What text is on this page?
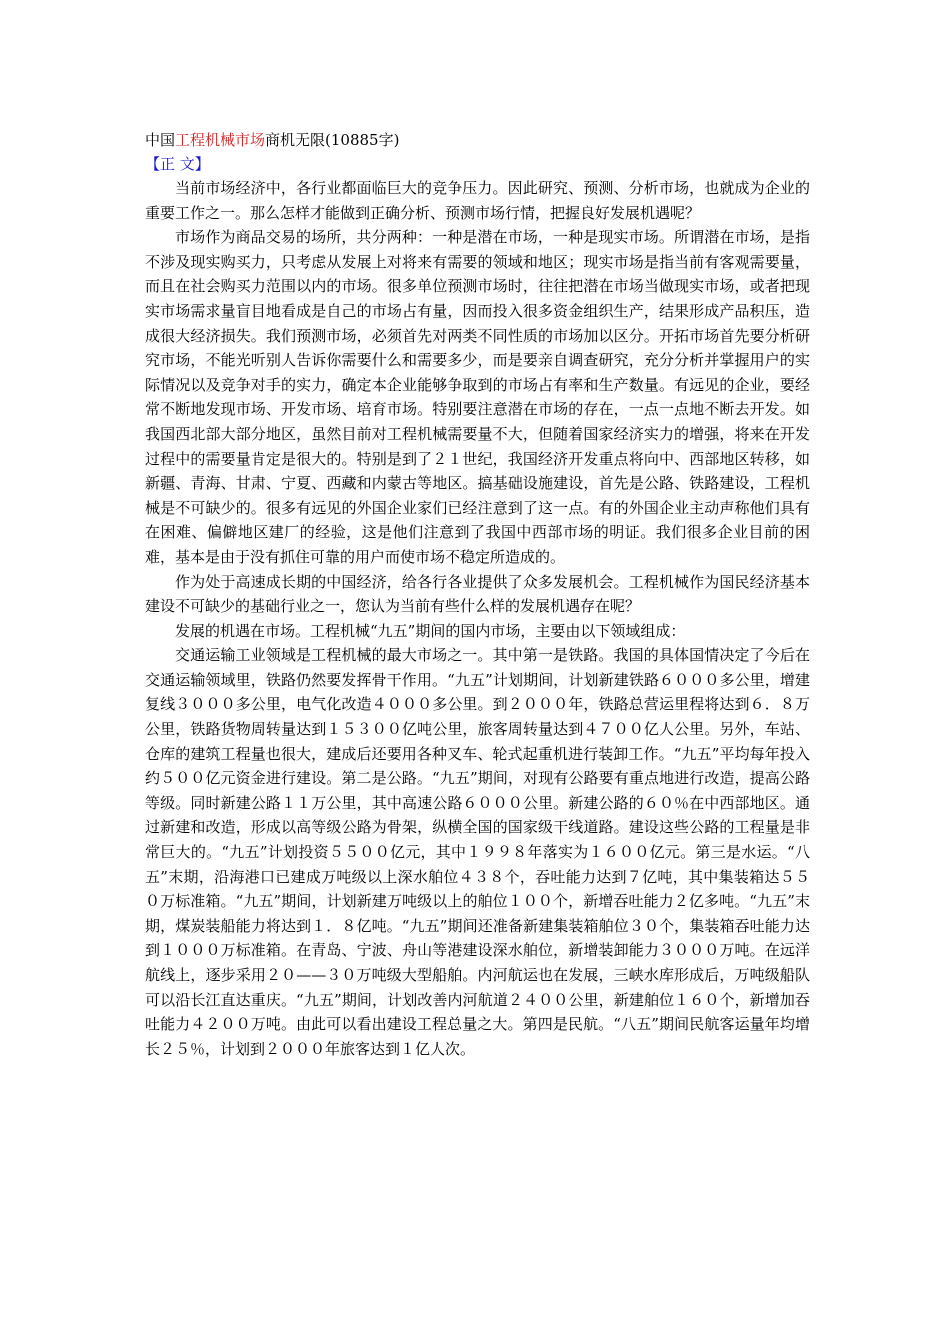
中国工程机械市场商机无限(10885字)

【正 文】

当前市场经济中，各行业都面临巨大的竞争压力。因此研究、预测、分析市场，也就成为企业的重要工作之一。那么怎样才能做到正确分析、预测市场行情，把握良好发展机遇呢？

市场作为商品交易的场所，共分两种：一种是潜在市场，一种是现实市场。所谓潜在市场，是指不涉及现实购买力，只考虑从发展上对将来有需要的领域和地区；现实市场是指当前有客观需要量，而且在社会购买力范围以内的市场。很多单位预测市场时，往往把潜在市场当做现实市场，或者把现实市场需求量盲目地看成是自己的市场占有量，因而投入很多资金组织生产，结果形成产品积压，造成很大经济损失。我们预测市场，必须首先对两类不同性质的市场加以区分。开拓市场首先要分析研究市场，不能光听别人告诉你需要什么和需要多少，而是要亲自调查研究，充分分析并掌握用户的实际情况以及竞争对手的实力，确定本企业能够争取到的市场占有率和生产数量。有远见的企业，要经常不断地发现市场、开发市场、培育市场。特别要注意潜在市场的存在，一点一点地不断去开发。如我国西北部大部分地区，虽然目前对工程机械需要量不大，但随着国家经济实力的增强，将来在开发过程中的需要量肯定是很大的。特别是到了２１世纪，我国经济开发重点将向中、西部地区转移，如新疆、青海、甘肃、宁夏、西藏和内蒙古等地区。搞基础设施建设，首先是公路、铁路建设，工程机械是不可缺少的。很多有远见的外国企业家们已经注意到了这一点。有的外国企业主动声称他们具有在困难、偏僻地区建厂的经验，这是他们注意到了我国中西部市场的明证。我们很多企业目前的困难，基本是由于没有抓住可靠的用户而使市场不稳定所造成的。

作为处于高速成长期的中国经济，给各行各业提供了众多发展机会。工程机械作为国民经济基本建设不可缺少的基础行业之一，您认为当前有些什么样的发展机遇存在呢？

发展的机遇在市场。工程机械“九五”期间的国内市场，主要由以下领域组成：

交通运输工业领域是工程机械的最大市场之一。其中第一是铁路。我国的具体国情决定了今后在交通运输领域里，铁路仍然要发挥骨干作用。“九五”计划期间，计划新建铁路６０００多公里，增建复线３０００多公里，电气化改造４０００多公里。到２０００年，铁路总营运里程将达到６．８万公里，铁路货物周转量达到１５３００亿吨公里，旅客周转量达到４７００亿人公里。另外，车站、仓库的建筑工程量也很大，建成后还要用各种叉车、轮式起重机进行装卸工作。“九五”平均每年投入约５００亿元资金进行建设。第二是公路。“九五”期间，对现有公路要有重点地进行改造，提高公路等级。同时新建公路１１万公里，其中高速公路６０００公里。新建公路的６０％在中西部地区。通过新建和改造，形成以高等级公路为骨架，纵横全国的国家级干线道路。建设这些公路的工程量是非常巨大的。“九五”计划投资５５００亿元，其中１９９８年落实为１６００亿元。第三是水运。“八五”末期，沿海港口已建成万吨级以上深水舶位４３８个，吞吐能力达到７亿吨，其中集装箱达５５０万标准箱。“九五”期间，计划新建万吨级以上的舶位１００个，新增吞吐能力２亿多吨。“九五”末期，煤炭装船能力将达到１．８亿吨。“九五”期间还准备新建集装箱舶位３０个，集装箱吞吐能力达到１０００万标准箱。在青岛、宁波、舟山等港建设深水舶位，新增装卸能力３０００万吨。在远洋航线上，逐步采用２０——３０万吨级大型船舶。内河航运也在发展，三峡水库形成后，万吨级船队可以沿长江直达重庆。“九五”期间，计划改善内河航道２４００公里，新建舶位１６０个，新增加吞吐能力４２００万吨。由此可以看出建设工程总量之大。第四是民航。“八五”期间民航客运量年均增长２５％，计划到２０００年旅客达到１亿人次。
